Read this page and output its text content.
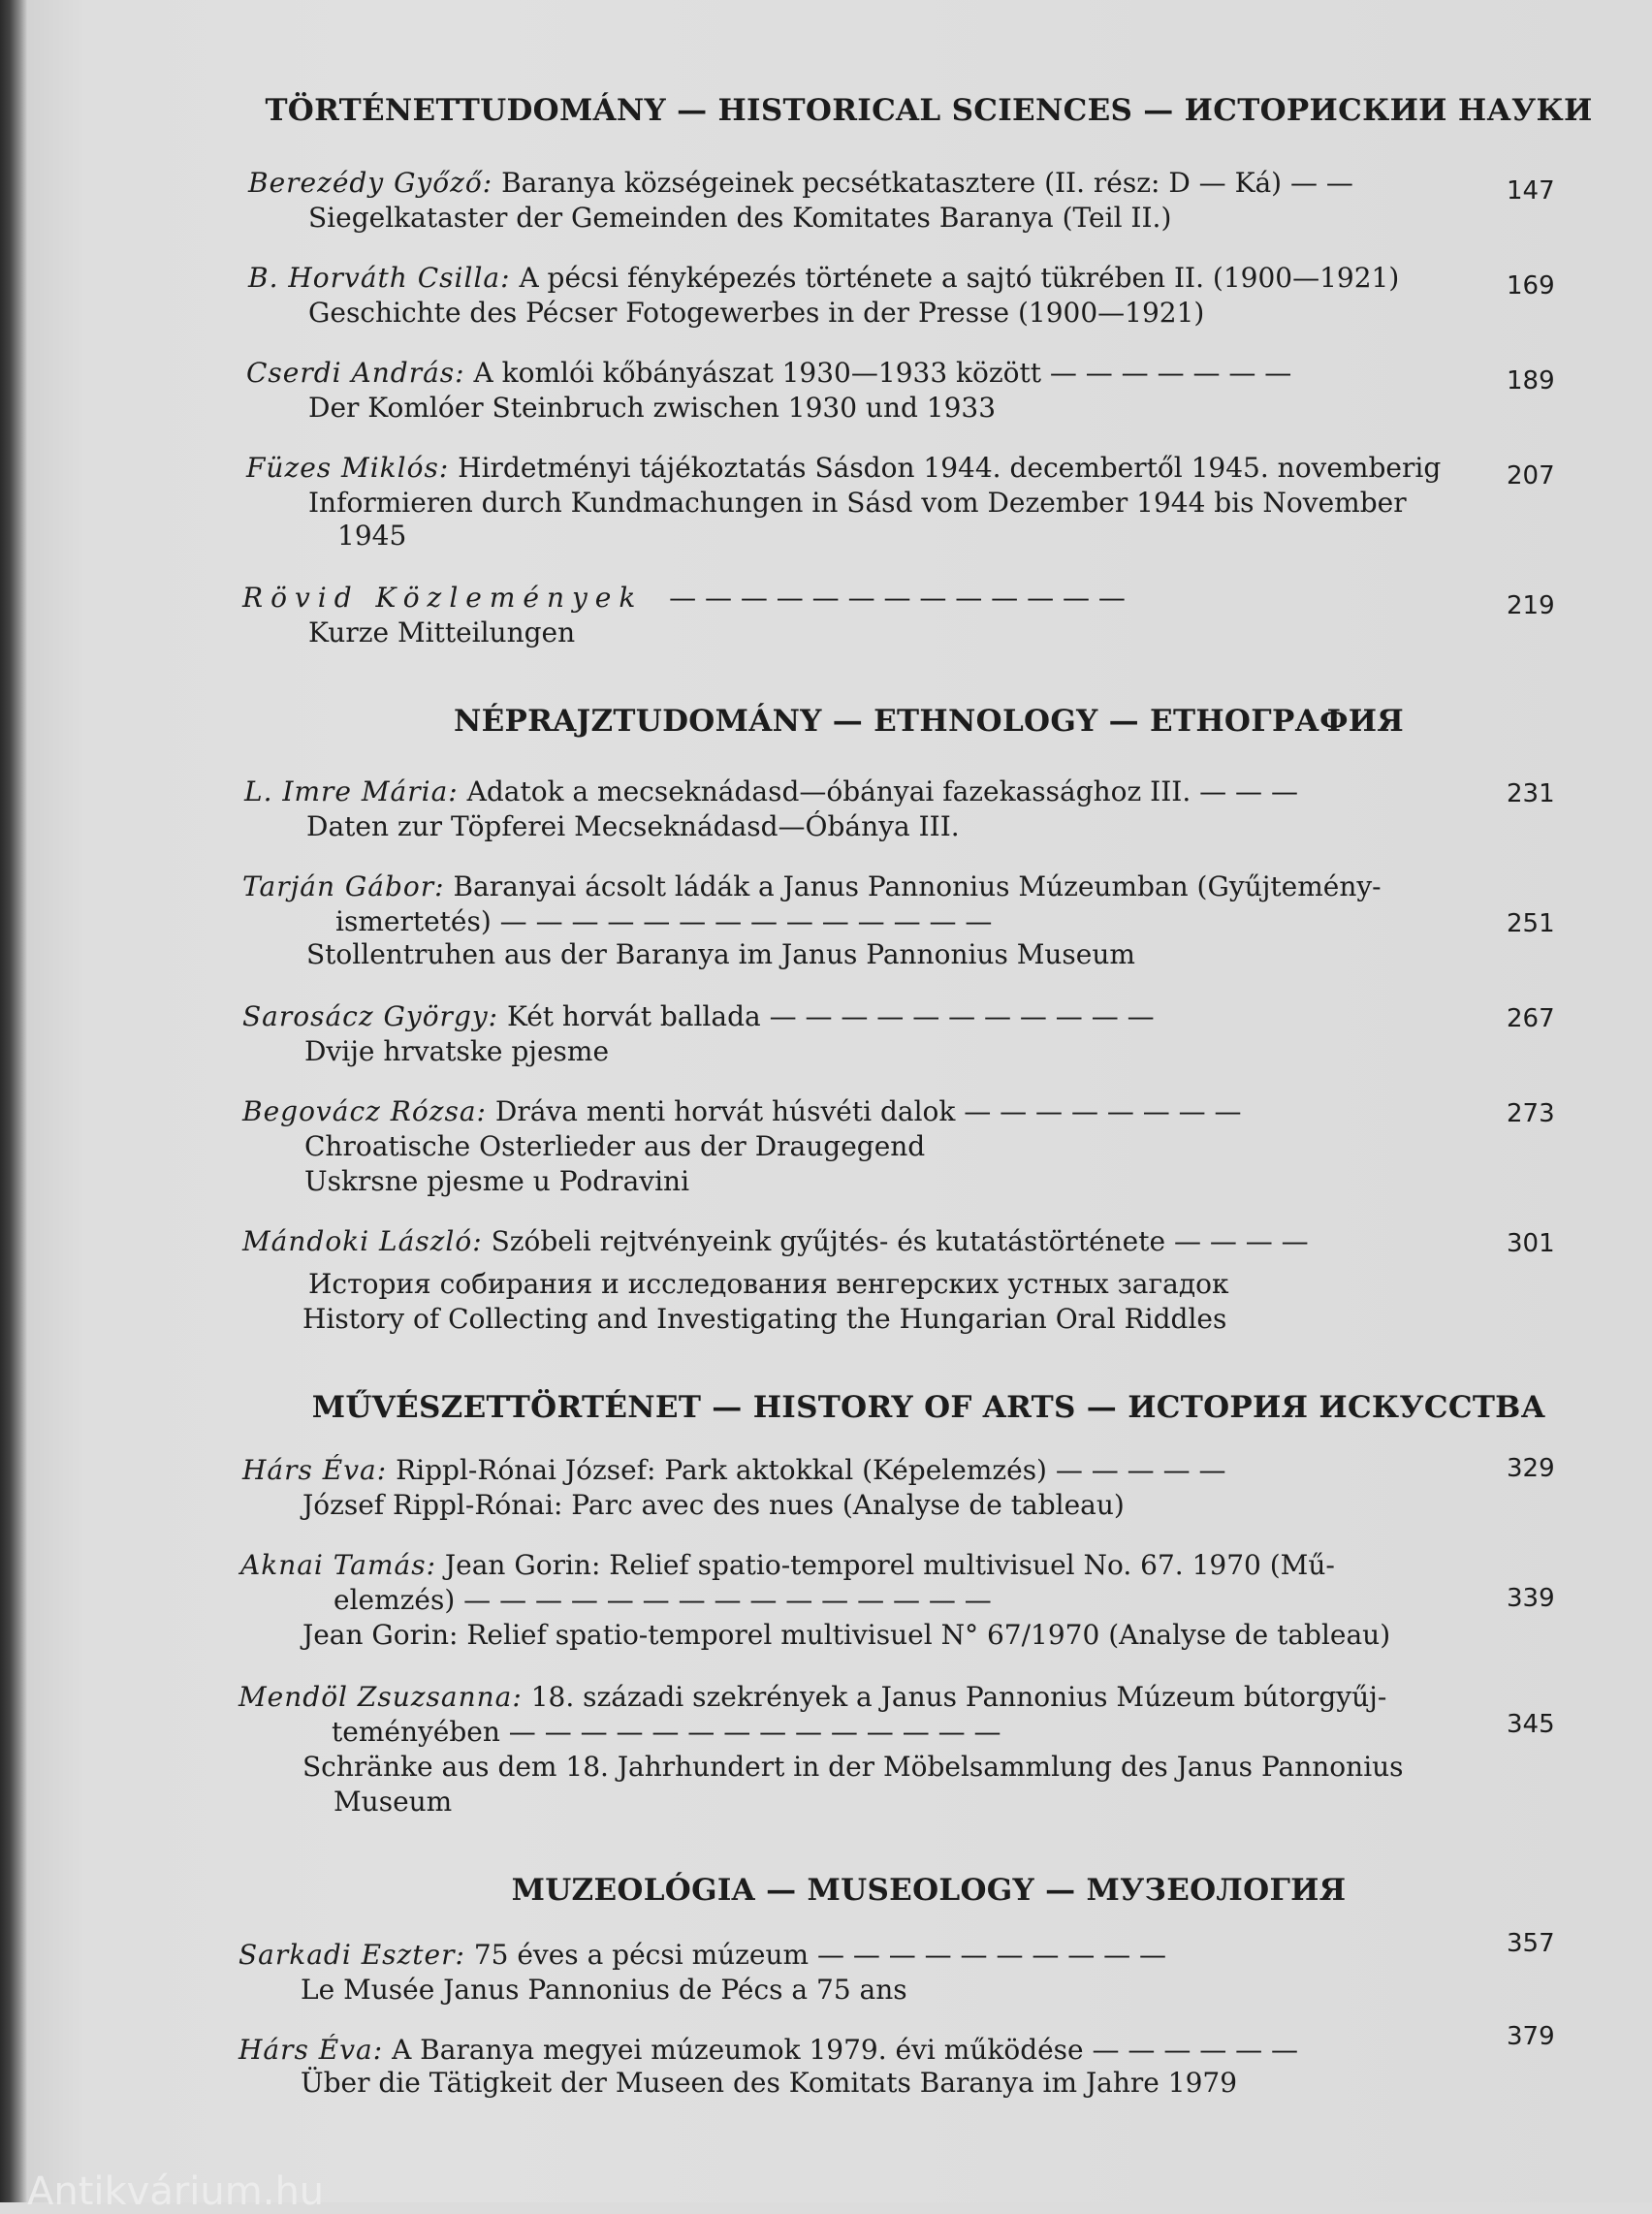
TÖRTÉNETTUDOMÁNY — HISTORICAL SCIENCES — ИСТОРИСКИИ НАУКИ
Berezédy Győző: Baranya községeinek pecsétkatasztere (II. rész: D — Ká) — —
Siegelkataster der Gemeinden des Komitates Baranya (Teil II.)
147
B. Horváth Csilla: A pécsi fényképezés története a sajtó tükrében II. (1900—1921)
Geschichte des Pécser Fotogewerbes in der Presse (1900—1921)
169
Cserdi András: A komlói kőbányászat 1930—1933 között — — — — — — —
Der Komlóer Steinbruch zwischen 1930 und 1933
189
Füzes Miklós: Hirdetményi tájékoztatás Sásdon 1944. decembertől 1945. novemberig
Informieren durch Kundmachungen in Sásd vom Dezember 1944 bis November
1945
207
Rövid Közlemények — — — — — — — — — — — — —
Kurze Mitteilungen
219
NÉPRAJZTUDOMÁNY — ETHNOLOGY — ЕТНОГРАФИЯ
L. Imre Mária: Adatok a mecseknádasd—óbányai fazekassághoz III. — — —
Daten zur Töpferei Mecseknádasd—Óbánya III.
231
Tarján Gábor: Baranyai ácsolt ládák a Janus Pannonius Múzeumban (Gyűjtemény-
ismertetés) — — — — — — — — — — — — — —
Stollentruhen aus der Baranya im Janus Pannonius Museum
251
Sarosácz György: Két horvát ballada — — — — — — — — — — —
Dvije hrvatske pjesme
267
Begovácz Rózsa: Dráva menti horvát húsvéti dalok — — — — — — — —
Chroatische Osterlieder aus der Draugegend
Uskrsne pjesme u Podravini
273
Mándoki László: Szóbeli rejtvényeink gyűjtés- és kutatástörténete — — — —
История собирания и исследования венгерских устных загадок
History of Collecting and Investigating the Hungarian Oral Riddles
301
MŰVÉSZETTÖRTÉNET — HISTORY OF ARTS — ИСТОРИЯ ИСКУССТВА
Hárs Éva: Rippl-Rónai József: Park aktokkal (Képelemzés) — — — — —
József Rippl-Rónai: Parc avec des nues (Analyse de tableau)
329
Aknai Tamás: Jean Gorin: Relief spatio-temporel multivisuel No. 67. 1970 (Mű-
elemzés) — — — — — — — — — — — — — — —
Jean Gorin: Relief spatio-temporel multivisuel N° 67/1970 (Analyse de tableau)
339
Mendöl Zsuzsanna: 18. századi szekrények a Janus Pannonius Múzeum bútorgyűj-
teményében — — — — — — — — — — — — — —
Schränke aus dem 18. Jahrhundert in der Möbelsammlung des Janus Pannonius
Museum
345
MUZEOLÓGIA — MUSEOLOGY — МУЗЕОЛОГИЯ
Sarkadi Eszter: 75 éves a pécsi múzeum — — — — — — — — — —
Le Musée Janus Pannonius de Pécs a 75 ans
357
Hárs Éva: A Baranya megyei múzeumok 1979. évi működése — — — — — —
Über die Tätigkeit der Museen des Komitats Baranya im Jahre 1979
379
Antikvárium.hu
